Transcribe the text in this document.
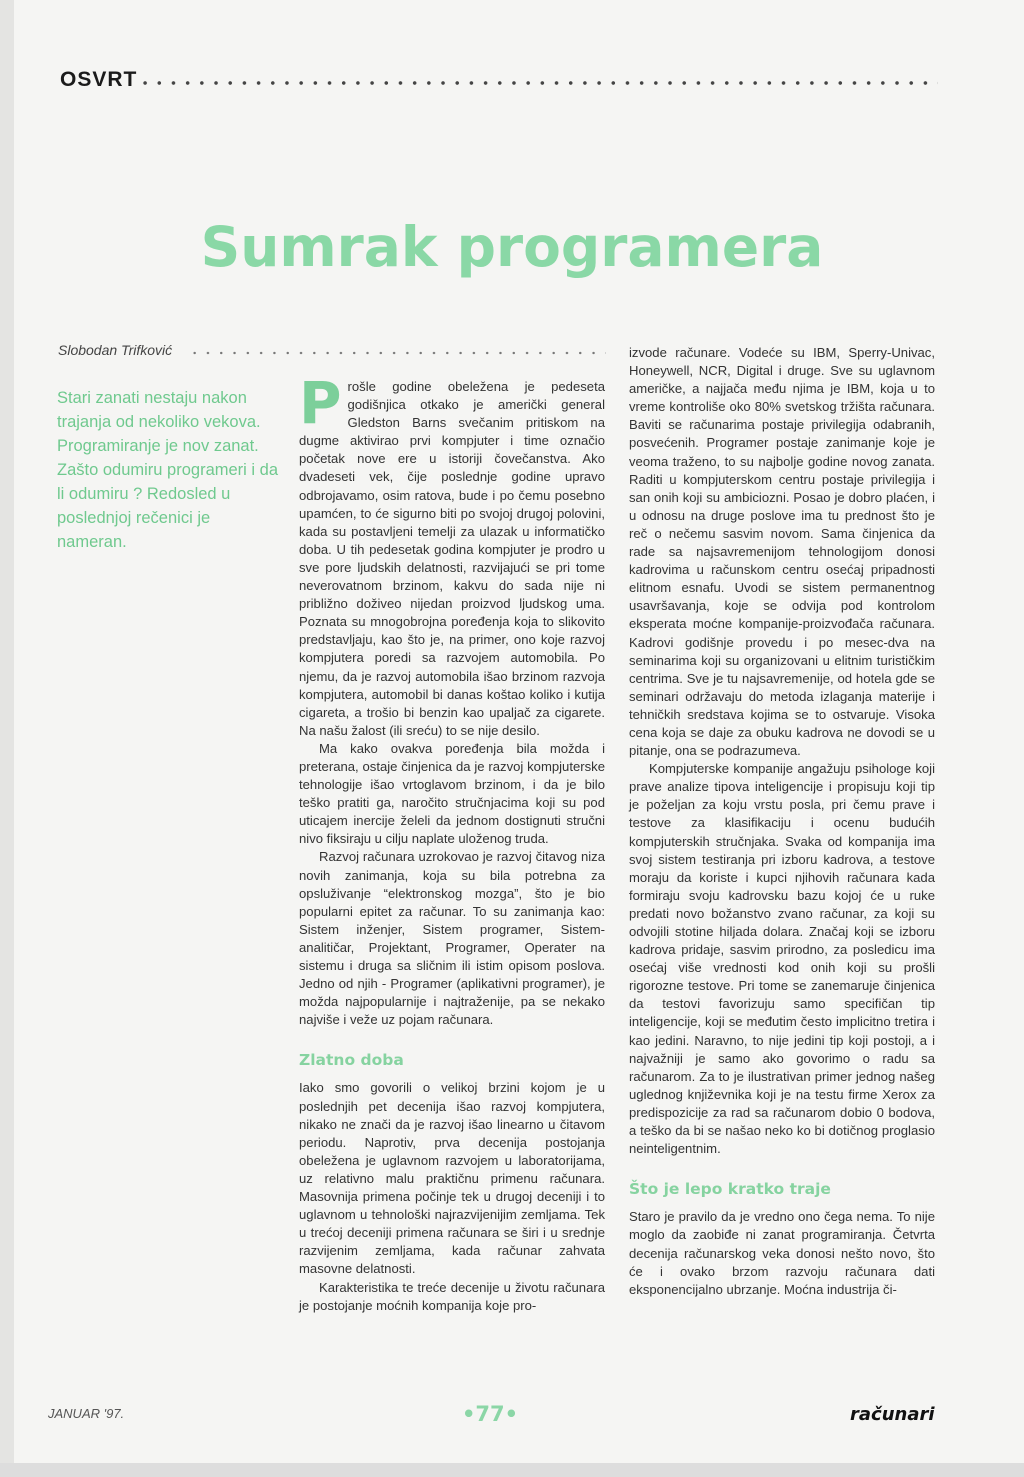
OSVRT
Sumrak programera
Slobodan Trifković
Stari zanati nestaju nakon trajanja od nekoliko vekova. Programiranje je nov zanat. Zašto odumiru programeri i da li odumiru ? Redosled u poslednjoj rečenici je nameran.

Prošle godine obeležena je pedeseta godišnjica otkako je američki general Gledston Barns svečanim pritiskom na dugme aktivirao prvi kompjuter i time označio početak nove ere u istoriji čovečanstva. Ako dvadeseti vek, čije poslednje godine upravo odbrojavamo, osim ratova, bude i po čemu posebno upamćen, to će sigurno biti po svojoj drugoj polovini, kada su postavljeni temelji za ulazak u informatičko doba. U tih pedesetak godina kompjuter je prodro u sve pore ljudskih delatnosti, razvijajući se pri tome neverovatnom brzinom, kakvu do sada nije ni približno doživeo nijedan proizvod ljudskog uma. Poznata su mnogobrojna poređenja koja to slikovito predstavljaju, kao što je, na primer, ono koje razvoj kompjutera poredi sa razvojem automobila. Po njemu, da je razvoj automobila išao brzinom razvoja kompjutera, automobil bi danas koštao koliko i kutija cigareta, a trošio bi benzin kao upaljač za cigarete. Na našu žalost (ili sreću) to se nije desilo.

Ma kako ovakva poređenja bila možda i preterana, ostaje činjenica da je razvoj kompjuterske tehnologije išao vrtoglavom brzinom, i da je bilo teško pratiti ga, naročito stručnjacima koji su pod uticajem inercije želeli da jednom dostignuti stručni nivo fiksiraju u cilju naplate uloženog truda.

Razvoj računara uzrokovao je razvoj čitavog niza novih zanimanja, koja su bila potrebna za opsluživanje “elektronskog mozga”, što je bio popularni epitet za računar. To su zanimanja kao: Sistem inženjer, Sistem programer, Sistem-analitičar, Projektant, Programer, Operater na sistemu i druga sa sličnim ili istim opisom poslova. Jedno od njih - Programer (aplikativni programer), je možda najpopularnije i najtraženije, pa se nekako najviše i veže uz pojam računara.

Zlatno doba

Iako smo govorili o velikoj brzini kojom je u poslednjih pet decenija išao razvoj kompjutera, nikako ne znači da je razvoj išao linearno u čitavom periodu. Naprotiv, prva decenija postojanja obeležena je uglavnom razvojem u laboratorijama, uz relativno malu praktičnu primenu računara. Masovnija primena počinje tek u drugoj deceniji i to uglavnom u tehnološki najrazvijenijim zemljama. Tek u trećoj deceniji primena računara se širi i u srednje razvijenim zemljama, kada računar zahvata masovne delatnosti.

Karakteristika te treće decenije u životu računara je postojanje moćnih kompanija koje pro-

izvode računare. Vodeće su IBM, Sperry-Univac, Honeywell, NCR, Digital i druge. Sve su uglavnom američke, a najjača među njima je IBM, koja u to vreme kontroliše oko 80% svetskog tržišta računara. Baviti se računarima postaje privilegija odabranih, posvećenih. Programer postaje zanimanje koje je veoma traženo, to su najbolje godine novog zanata. Raditi u kompjuterskom centru postaje privilegija i san onih koji su ambiciozni. Posao je dobro plaćen, i u odnosu na druge poslove ima tu prednost što je reč o nečemu sasvim novom. Sama činjenica da rade sa najsavremenijom tehnologijom donosi kadrovima u računskom centru osećaj pripadnosti elitnom esnafu. Uvodi se sistem permanentnog usavršavanja, koje se odvija pod kontrolom eksperata moćne kompanije-proizvođača računara. Kadrovi godišnje provedu i po mesec-dva na seminarima koji su organizovani u elitnim turističkim centrima. Sve je tu najsavremenije, od hotela gde se seminari održavaju do metoda izlaganja materije i tehničkih sredstava kojima se to ostvaruje. Visoka cena koja se daje za obuku kadrova ne dovodi se u pitanje, ona se podrazumeva.

Kompjuterske kompanije angažuju psihologe koji prave analize tipova inteligencije i propisuju koji tip je poželjan za koju vrstu posla, pri čemu prave i testove za klasifikaciju i ocenu budućih kompjuterskih stručnjaka. Svaka od kompanija ima svoj sistem testiranja pri izboru kadrova, a testove moraju da koriste i kupci njihovih računara kada formiraju svoju kadrovsku bazu kojoj će u ruke predati novo božanstvo zvano računar, za koji su odvojili stotine hiljada dolara. Značaj koji se izboru kadrova pridaje, sasvim prirodno, za posledicu ima osećaj više vrednosti kod onih koji su prošli rigorozne testove. Pri tome se zanemaruje činjenica da testovi favorizuju samo specifičan tip inteligencije, koji se međutim često implicitno tretira i kao jedini. Naravno, to nije jedini tip koji postoji, a i najvažniji je samo ako govorimo o radu sa računarom. Za to je ilustrativan primer jednog našeg uglednog književnika koji je na testu firme Xerox za predispozicije za rad sa računarom dobio 0 bodova, a teško da bi se našao neko ko bi dotičnog proglasio neinteligentnim.

Što je lepo kratko traje

Staro je pravilo da je vredno ono čega nema. To nije moglo da zaobiđe ni zanat programiranja. Četvrta decenija računarskog veka donosi nešto novo, što će i ovako brzom razvoju računara dati eksponencijalno ubrzanje. Moćna industrija či-

JANUAR '97.	•77•	računari
